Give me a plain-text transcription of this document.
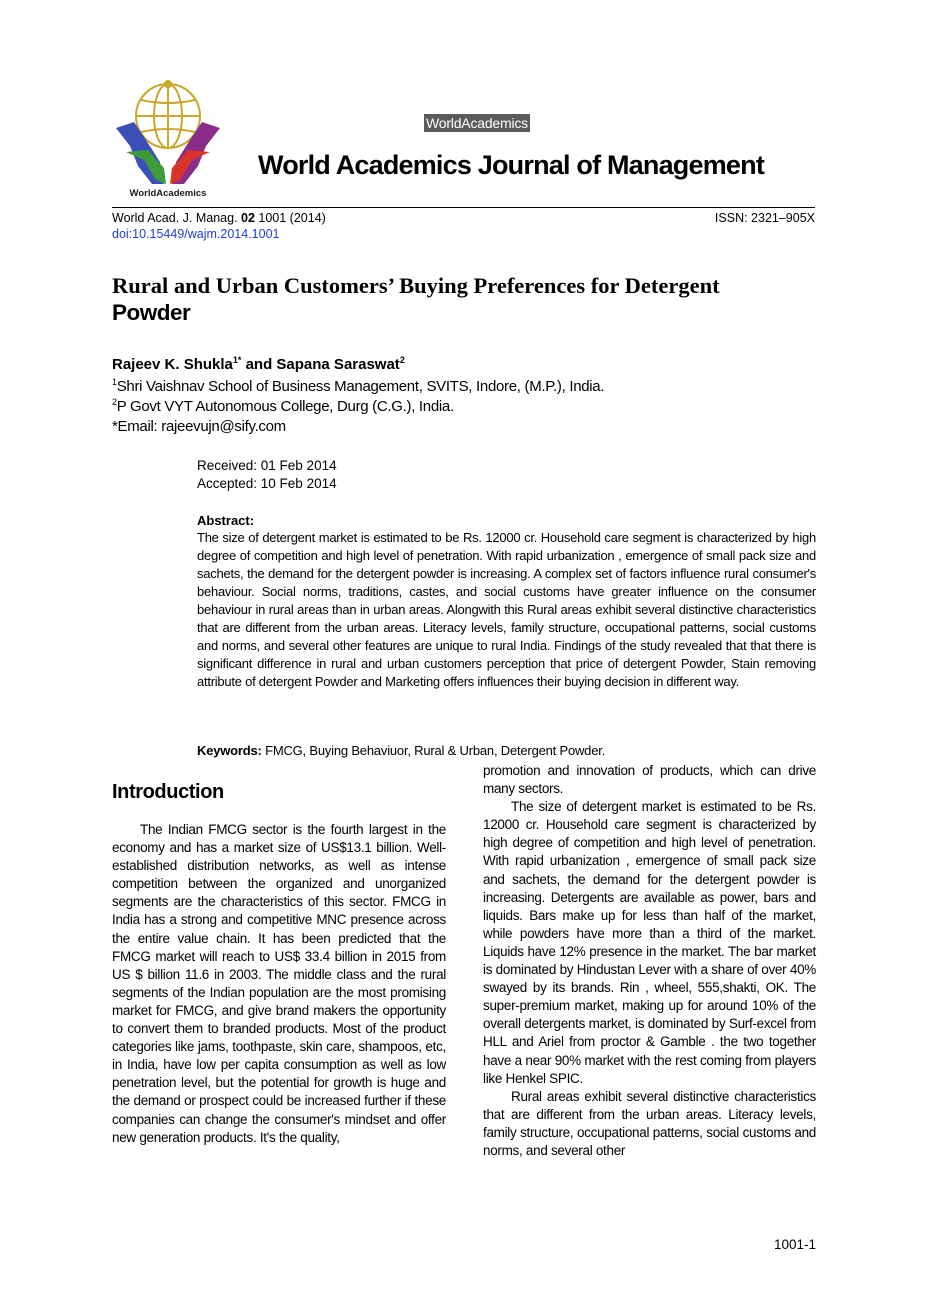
WorldAcademics
WorldAcademics
World Academics Journal of Management
World Acad. J. Manag. 02 1001 (2014)	ISSN: 2321–905X
doi:10.15449/wajm.2014.1001
Rural and Urban Customers’ Buying Preferences for Detergent
Powder
Rajeev K. Shukla$^{1*}$ and Sapana Saraswat$^2$
$^1$Shri Vaishnav School of Business Management, SVITS, Indore, (M.P.), India.
$^2$P Govt VYT Autonomous College, Durg (C.G.), India.
*Email: rajeevujn@sify.com
Received: 01 Feb 2014
Accepted: 10 Feb 2014
Abstract:
The size of detergent market is estimated to be Rs. 12000 cr. Household care segment is characterized by high degree of competition and high level of penetration. With rapid urbanization , emergence of small pack size and sachets, the demand for the detergent powder is increasing. A complex set of factors influence rural consumer's behaviour. Social norms, traditions, castes, and social customs have greater influence on the consumer behaviour in rural areas than in urban areas. Alongwith this Rural areas exhibit several distinctive characteristics that are different from the urban areas. Literacy levels, family structure, occupational patterns, social customs and norms, and several other features are unique to rural India. Findings of the study revealed that that there is significant difference in rural and urban customers perception that price of detergent Powder, Stain removing attribute of detergent Powder and Marketing offers influences their buying decision in different way.
Keywords: FMCG, Buying Behaviuor, Rural & Urban, Detergent Powder.
Introduction

The Indian FMCG sector is the fourth largest in the economy and has a market size of US$13.1 billion. Well-established distribution networks, as well as intense competition between the organized and unorganized segments are the characteristics of this sector. FMCG in India has a strong and competitive MNC presence across the entire value chain. It has been predicted that the FMCG market will reach to US$ 33.4 billion in 2015 from US $ billion 11.6 in 2003. The middle class and the rural segments of the Indian population are the most promising market for FMCG, and give brand makers the opportunity to convert them to branded products. Most of the product categories like jams, toothpaste, skin care, shampoos, etc, in India, have low per capita consumption as well as low penetration level, but the potential for growth is huge and the demand or prospect could be increased further if these companies can change the consumer's mindset and offer new generation products. It's the quality,

promotion and innovation of products, which can drive many sectors.

The size of detergent market is estimated to be Rs. 12000 cr. Household care segment is characterized by high degree of competition and high level of penetration. With rapid urbanization , emergence of small pack size and sachets, the demand for the detergent powder is increasing. Detergents are available as power, bars and liquids. Bars make up for less than half of the market, while powders have more than a third of the market. Liquids have 12% presence in the market. The bar market is dominated by Hindustan Lever with a share of over 40% swayed by its brands. Rin , wheel, 555,shakti, OK. The super-premium market, making up for around 10% of the overall detergents market, is dominated by Surf-excel from HLL and Ariel from proctor & Gamble . the two together have a near 90% market with the rest coming from players like Henkel SPIC.

Rural areas exhibit several distinctive characteristics that are different from the urban areas. Literacy levels, family structure, occupational patterns, social customs and norms, and several other

1001-1
